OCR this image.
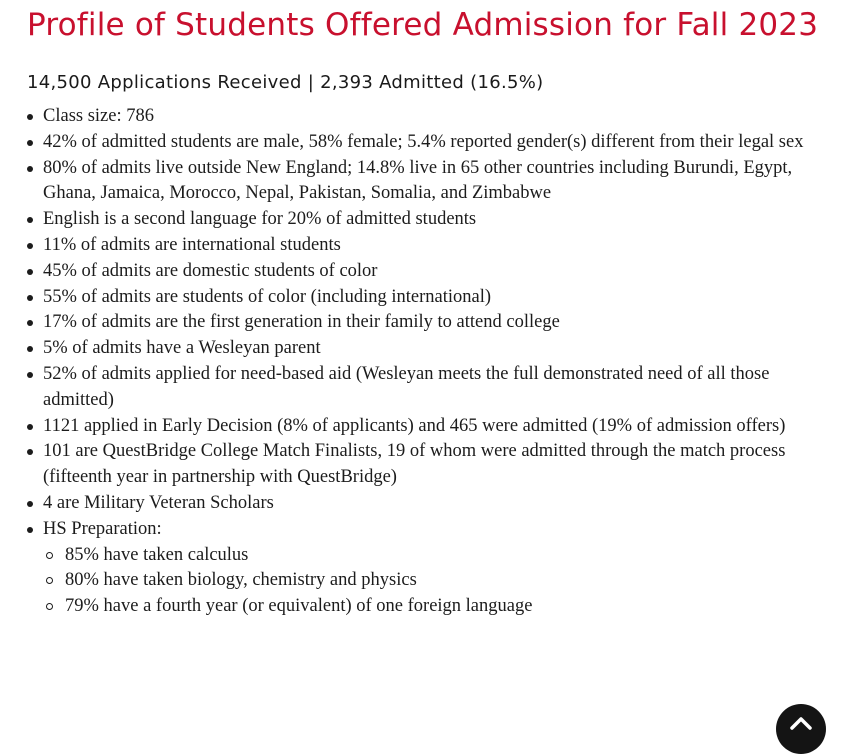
Profile of Students Offered Admission for Fall 2023
14,500 Applications Received | 2,393 Admitted (16.5%)
Class size: 786
42% of admitted students are male, 58% female; 5.4% reported gender(s) different from their legal sex
80% of admits live outside New England; 14.8% live in 65 other countries including Burundi, Egypt, Ghana, Jamaica, Morocco, Nepal, Pakistan, Somalia, and Zimbabwe
English is a second language for 20% of admitted students
11% of admits are international students
45% of admits are domestic students of color
55% of admits are students of color (including international)
17% of admits are the first generation in their family to attend college
5% of admits have a Wesleyan parent
52% of admits applied for need-based aid (Wesleyan meets the full demonstrated need of all those admitted)
1121 applied in Early Decision (8% of applicants) and 465 were admitted (19% of admission offers)
101 are QuestBridge College Match Finalists, 19 of whom were admitted through the match process (fifteenth year in partnership with QuestBridge)
4 are Military Veteran Scholars
HS Preparation:
85% have taken calculus
80% have taken biology, chemistry and physics
79% have a fourth year (or equivalent) of one foreign language
